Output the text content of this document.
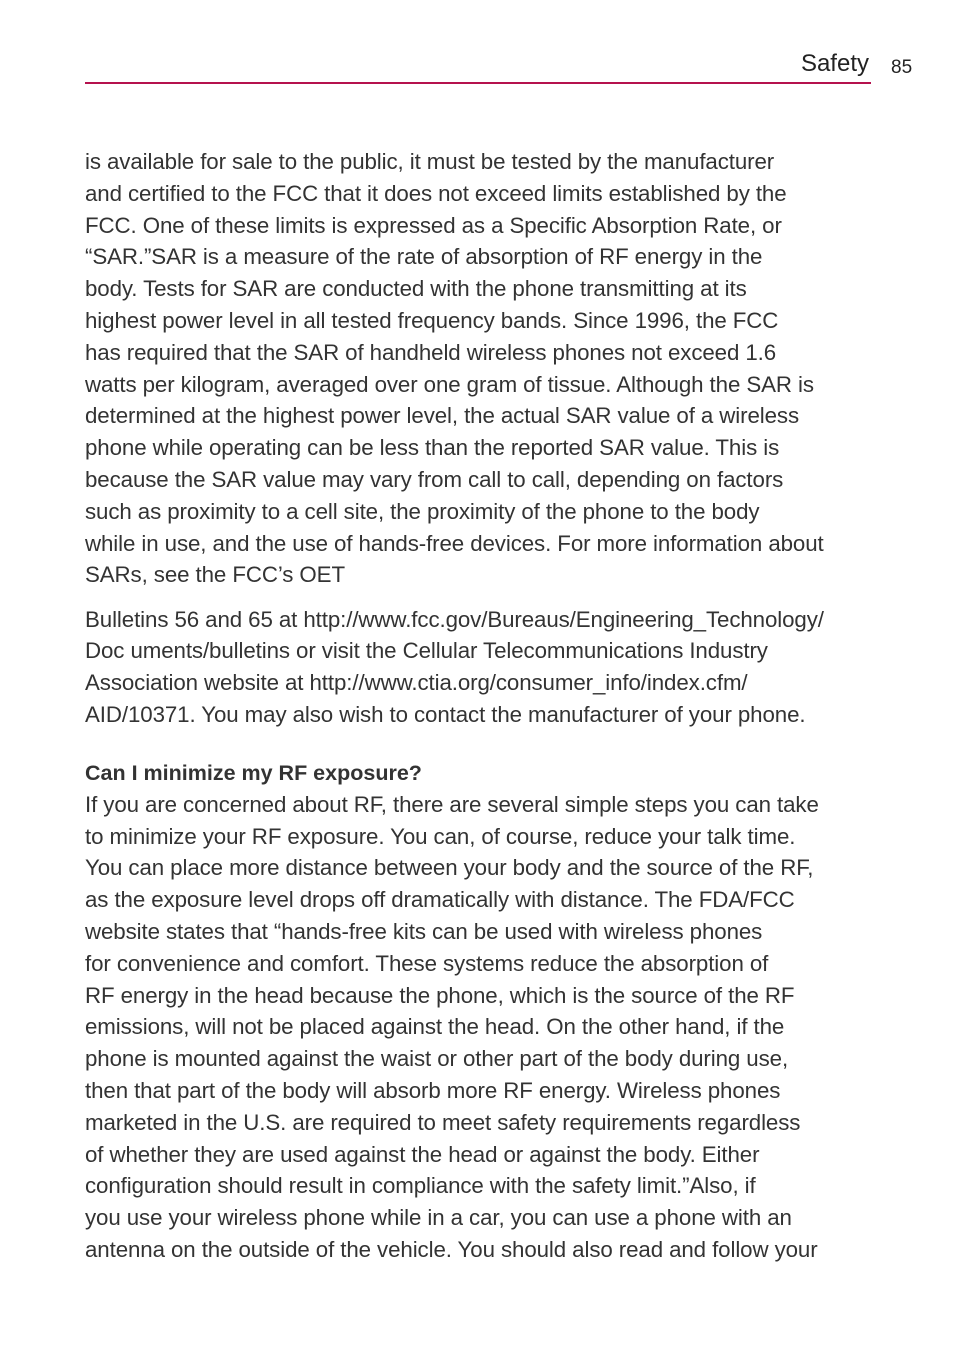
Safety 85
is available for sale to the public, it must be tested by the manufacturer
and certified to the FCC that it does not exceed limits established by the
FCC. One of these limits is expressed as a Specific Absorption Rate, or
“SAR.”SAR is a measure of the rate of absorption of RF energy in the
body. Tests for SAR are conducted with the phone transmitting at its
highest power level in all tested frequency bands. Since 1996, the FCC
has required that the SAR of handheld wireless phones not exceed 1.6
watts per kilogram, averaged over one gram of tissue. Although the SAR is
determined at the highest power level, the actual SAR value of a wireless
phone while operating can be less than the reported SAR value. This is
because the SAR value may vary from call to call, depending on factors
such as proximity to a cell site, the proximity of the phone to the body
while in use, and the use of hands-free devices. For more information about
SARs, see the FCC’s OET
Bulletins 56 and 65 at http://www.fcc.gov/Bureaus/Engineering_Technology/
Doc uments/bulletins or visit the Cellular Telecommunications Industry
Association website at http://www.ctia.org/consumer_info/index.cfm/
AID/10371. You may also wish to contact the manufacturer of your phone.
Can I minimize my RF exposure?
If you are concerned about RF, there are several simple steps you can take
to minimize your RF exposure. You can, of course, reduce your talk time.
You can place more distance between your body and the source of the RF,
as the exposure level drops off dramatically with distance. The FDA/FCC
website states that “hands-free kits can be used with wireless phones
for convenience and comfort. These systems reduce the absorption of
RF energy in the head because the phone, which is the source of the RF
emissions, will not be placed against the head. On the other hand, if the
phone is mounted against the waist or other part of the body during use,
then that part of the body will absorb more RF energy. Wireless phones
marketed in the U.S. are required to meet safety requirements regardless
of whether they are used against the head or against the body. Either
configuration should result in compliance with the safety limit.”Also, if
you use your wireless phone while in a car, you can use a phone with an
antenna on the outside of the vehicle. You should also read and follow your
